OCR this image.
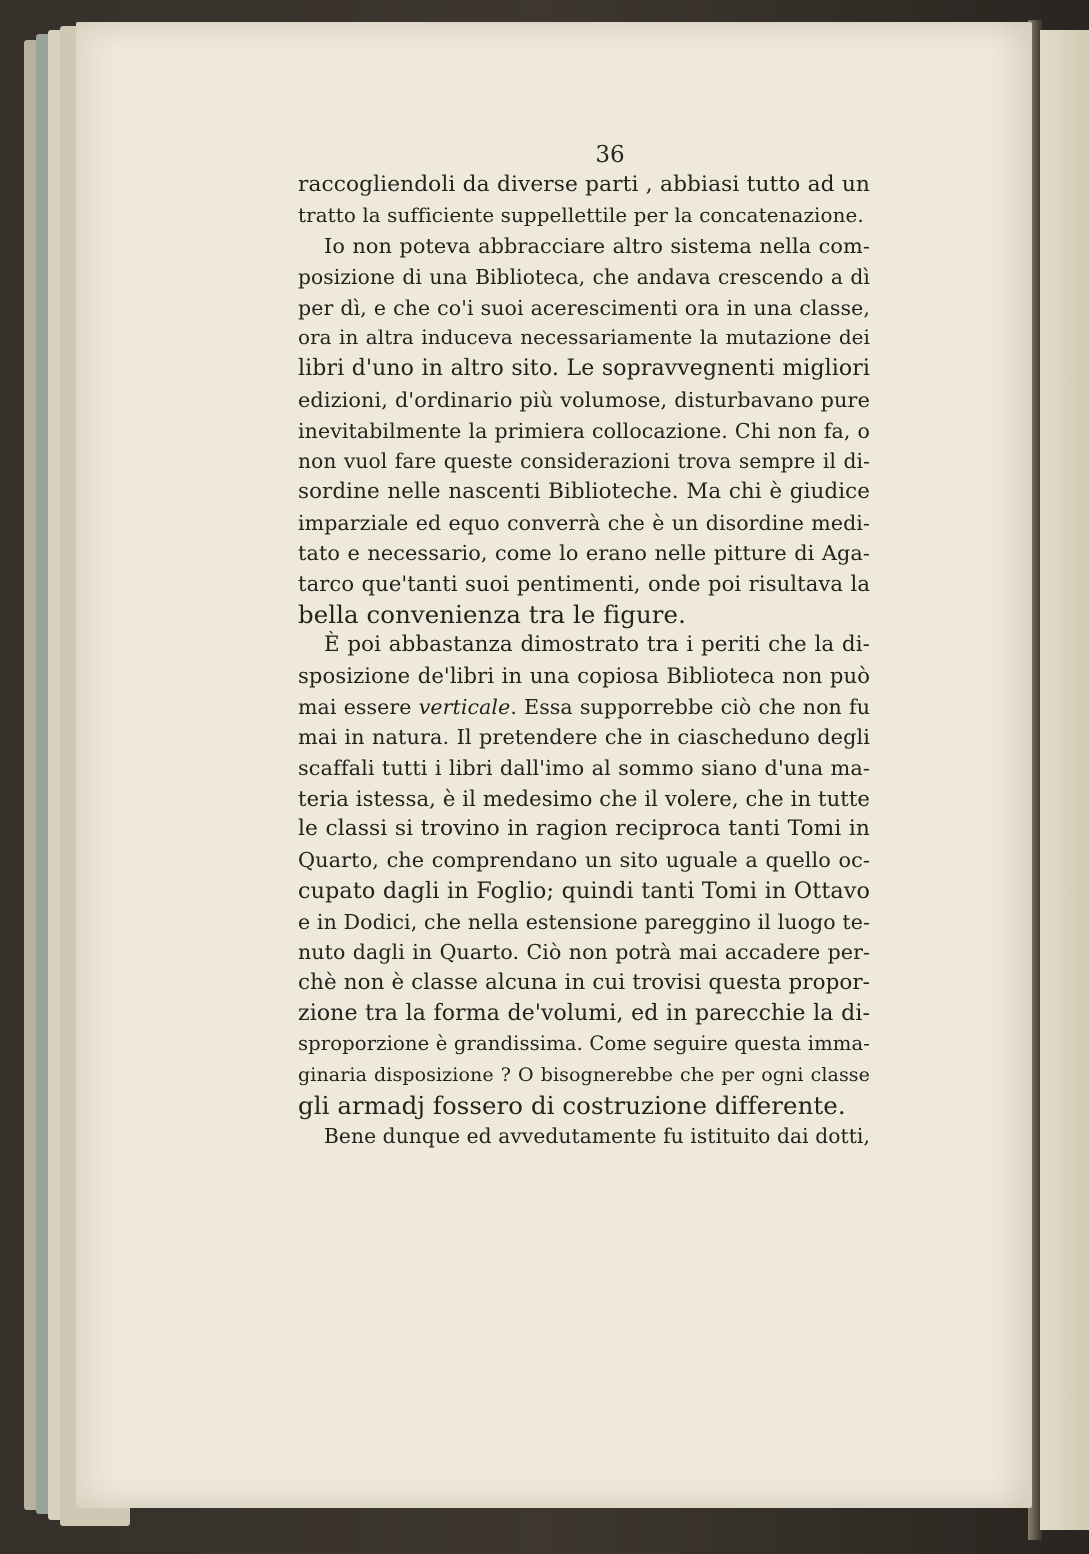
36
raccogliendoli da diverse parti , abbiasi tutto ad un
tratto la sufficiente suppellettile per la concatenazione.
Io non poteva abbracciare altro sistema nella com-
posizione di una Biblioteca, che andava crescendo a dì
per dì, e che co'i suoi acerescimenti ora in una classe,
ora in altra induceva necessariamente la mutazione dei
libri d'uno in altro sito. Le sopravvegnenti migliori
edizioni, d'ordinario più volumose, disturbavano pure
inevitabilmente la primiera collocazione. Chi non fa, o
non vuol fare queste considerazioni trova sempre il di-
sordine nelle nascenti Biblioteche. Ma chi è giudice
imparziale ed equo converrà che è un disordine medi-
tato e necessario, come lo erano nelle pitture di Aga-
tarco que'tanti suoi pentimenti, onde poi risultava la
bella convenienza tra le figure.
È poi abbastanza dimostrato tra i periti che la di-
sposizione de'libri in una copiosa Biblioteca non può
mai essere verticale. Essa supporrebbe ciò che non fu
mai in natura. Il pretendere che in ciascheduno degli
scaffali tutti i libri dall'imo al sommo siano d'una ma-
teria istessa, è il medesimo che il volere, che in tutte
le classi si trovino in ragion reciproca tanti Tomi in
Quarto, che comprendano un sito uguale a quello oc-
cupato dagli in Foglio; quindi tanti Tomi in Ottavo
e in Dodici, che nella estensione pareggino il luogo te-
nuto dagli in Quarto. Ciò non potrà mai accadere per-
chè non è classe alcuna in cui trovisi questa propor-
zione tra la forma de'volumi, ed in parecchie la di-
sproporzione è grandissima. Come seguire questa imma-
ginaria disposizione ? O bisognerebbe che per ogni classe
gli armadj fossero di costruzione differente.
Bene dunque ed avvedutamente fu istituito dai dotti,
